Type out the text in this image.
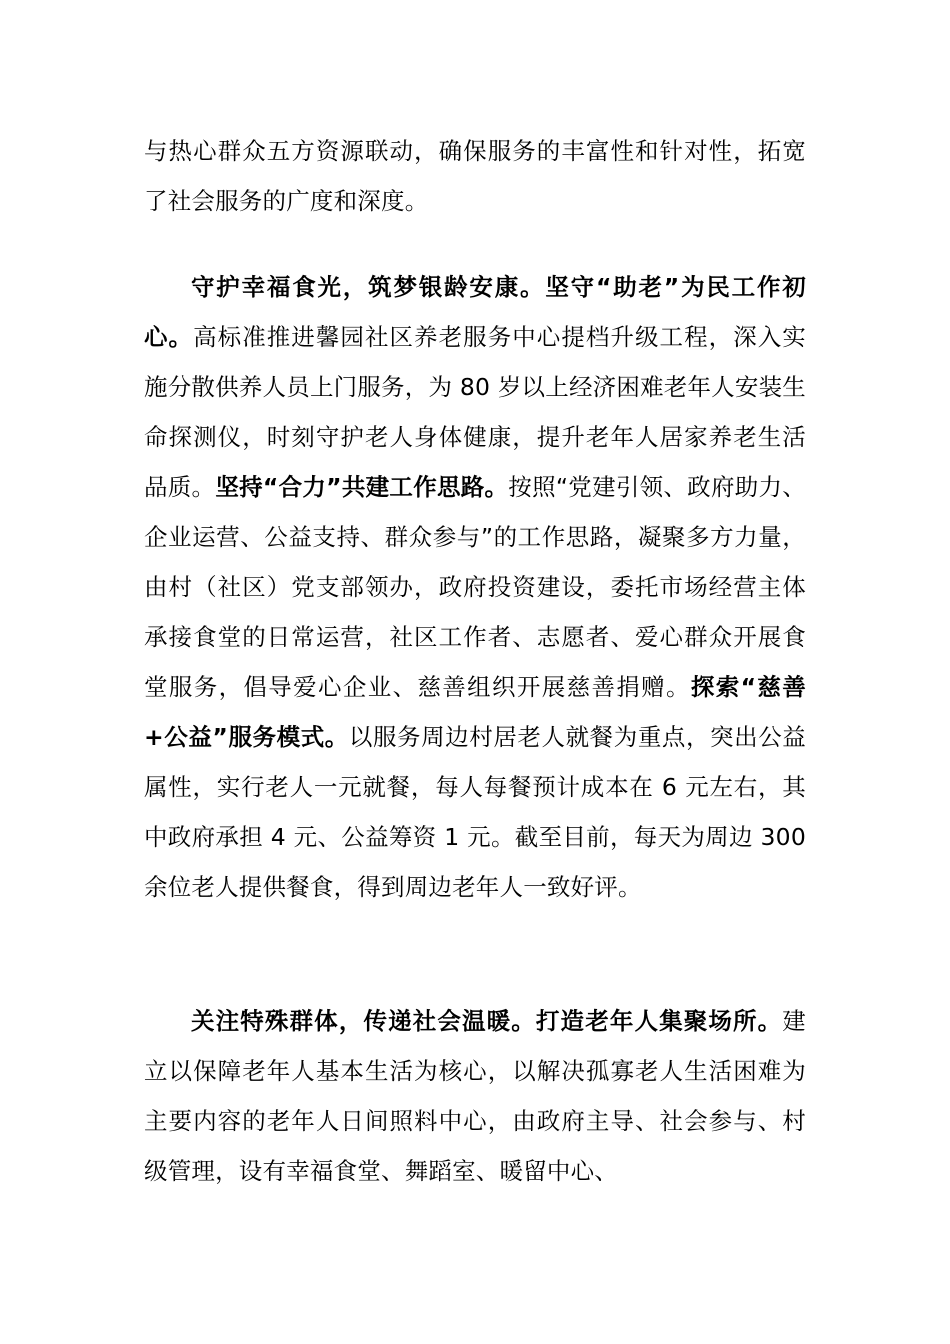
与热心群众五方资源联动，确保服务的丰富性和针对性，拓宽了社会服务的广度和深度。

守护幸福食光，筑梦银龄安康。坚守“助老”为民工作初心。高标准推进馨园社区养老服务中心提档升级工程，深入实施分散供养人员上门服务，为 80 岁以上经济困难老年人安装生命探测仪，时刻守护老人身体健康，提升老年人居家养老生活品质。坚持“合力”共建工作思路。按照“党建引领、政府助力、企业运营、公益支持、群众参与”的工作思路，凝聚多方力量，由村（社区）党支部领办，政府投资建设，委托市场经营主体承接食堂的日常运营，社区工作者、志愿者、爱心群众开展食堂服务，倡导爱心企业、慈善组织开展慈善捐赠。探索“慈善+公益”服务模式。以服务周边村居老人就餐为重点，突出公益属性，实行老人一元就餐，每人每餐预计成本在 6 元左右，其中政府承担 4 元、公益筹资 1 元。截至目前，每天为周边 300 余位老人提供餐食，得到周边老年人一致好评。

关注特殊群体，传递社会温暖。打造老年人集聚场所。建立以保障老年人基本生活为核心，以解决孤寡老人生活困难为主要内容的老年人日间照料中心，由政府主导、社会参与、村级管理，设有幸福食堂、舞蹈室、暖留中心、
